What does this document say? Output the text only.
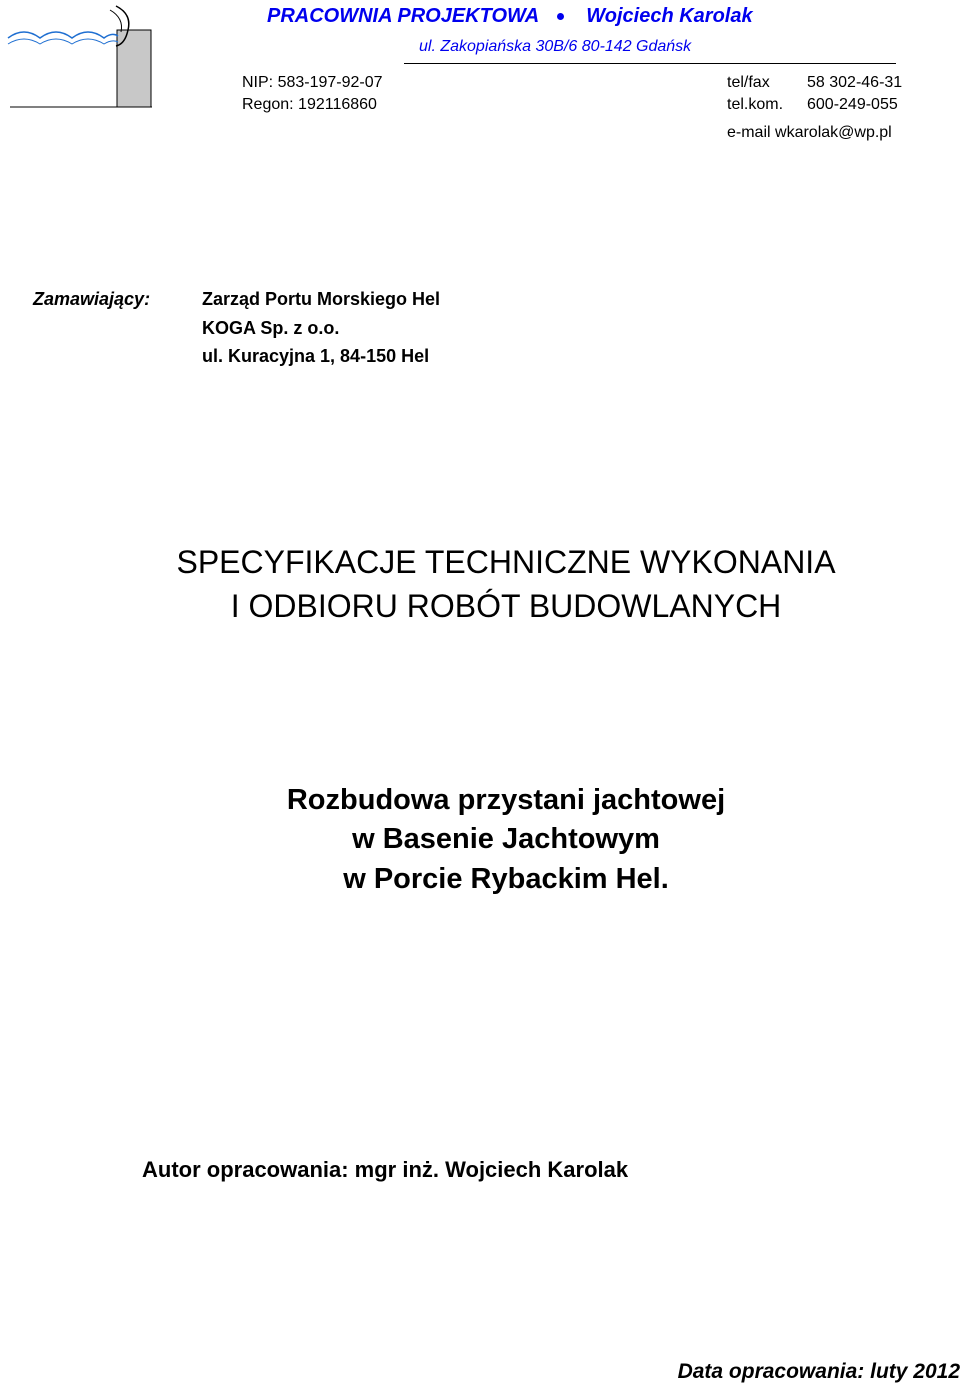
PRACOWNIA PROJEKTOWA Wojciech Karolak
ul. Zakopiańska 30B/6 80-142 Gdańsk
NIP: 583-197-92-07
Regon: 192116860
tel/fax 58 302-46-31
tel.kom. 600-249-055
e-mail wkarolak@wp.pl
Zamawiający:	Zarząd Portu Morskiego Hel
KOGA Sp. z o.o.
ul. Kuracyjna 1, 84-150 Hel
SPECYFIKACJE TECHNICZNE WYKONANIA
I ODBIORU ROBÓT BUDOWLANYCH
Rozbudowa przystani jachtowej
w Basenie Jachtowym
w Porcie Rybackim Hel.
Autor opracowania: mgr inż. Wojciech Karolak
Data opracowania: luty 2012
